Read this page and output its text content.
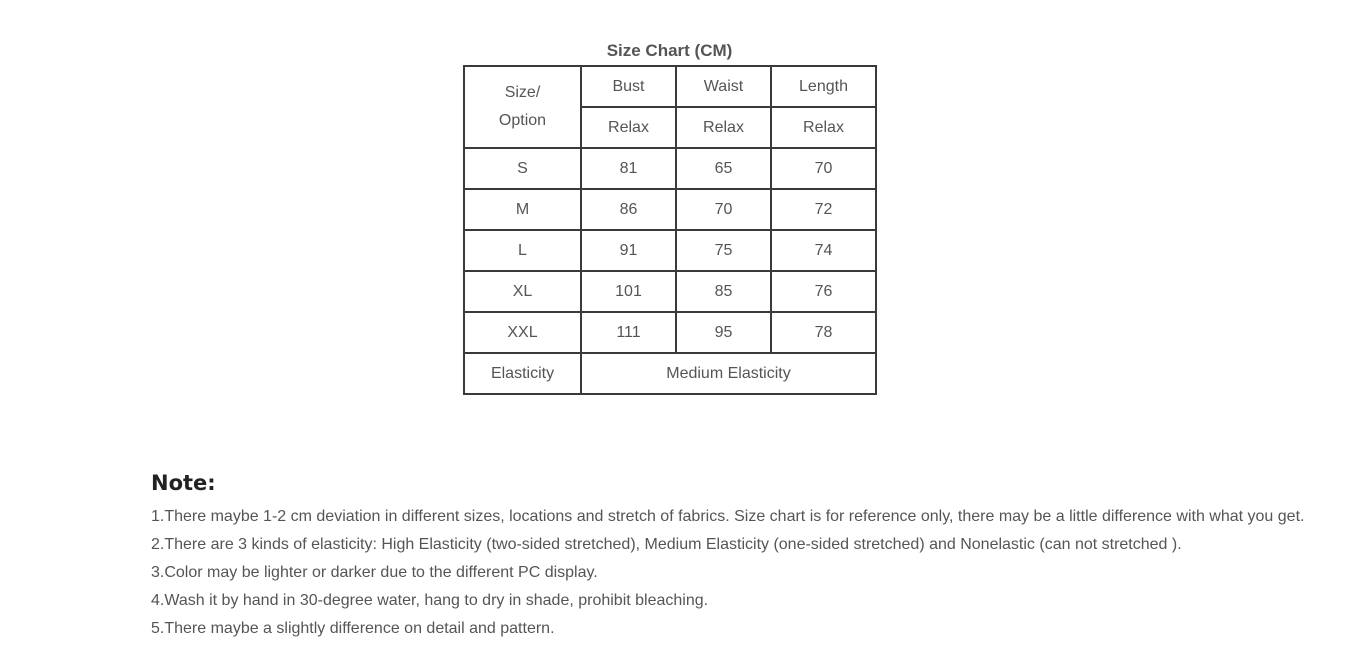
Size Chart (CM)
Size/
Option	Bust	Waist	Length
	Relax	Relax	Relax
S	81	65	70
M	86	70	72
L	91	75	74
XL	101	85	76
XXL	111	95	78
Elasticity	Medium Elasticity		
Note:
1.There maybe 1-2 cm deviation in different sizes, locations and stretch of fabrics. Size chart is for reference only, there may be a little difference with what you get.
2.There are 3 kinds of elasticity: High Elasticity (two-sided stretched), Medium Elasticity (one-sided stretched) and Nonelastic (can not stretched ).
3.Color may be lighter or darker due to the different PC display.
4.Wash it by hand in 30-degree water, hang to dry in shade, prohibit bleaching.
5.There maybe a slightly difference on detail and pattern.
